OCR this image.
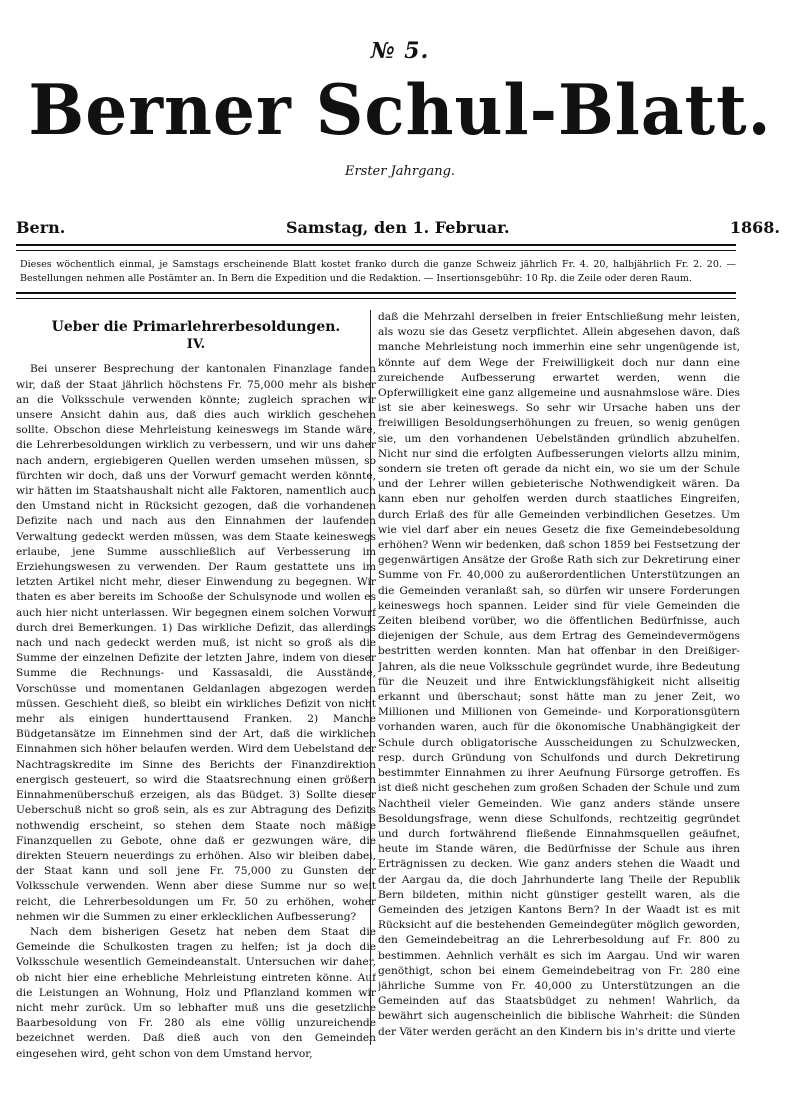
№ 5.
Berner Schul-Blatt.
Erster Jahrgang.
Bern.	Samstag, den 1. Februar.	1868.
Dieses wöchentlich einmal, je Samstags erscheinende Blatt kostet franko durch die ganze Schweiz jährlich Fr. 4. 20, halbjährlich Fr. 2. 20. — Bestellungen nehmen alle Postämter an. In Bern die Expedition und die Redaktion. — Insertionsgebühr: 10 Rp. die Zeile oder deren Raum.
Ueber die Primarlehrerbesoldungen.
IV.

Bei unserer Besprechung der kantonalen Finanzlage fanden wir, daß der Staat jährlich höchstens Fr. 75,000 mehr als bisher an die Volksschule verwenden könnte; zugleich sprachen wir unsere Ansicht dahin aus, daß dies auch wirklich geschehen sollte. Obschon diese Mehrleistung keineswegs im Stande wäre, die Lehrerbesoldungen wirklich zu verbessern, und wir uns daher nach andern, ergiebigeren Quellen werden umsehen müssen, so fürchten wir doch, daß uns der Vorwurf gemacht werden könnte, wir hätten im Staatshaushalt nicht alle Faktoren, namentlich auch den Umstand nicht in Rücksicht gezogen, daß die vorhandenen Defizite nach und nach aus den Einnahmen der laufenden Verwaltung gedeckt werden müssen, was dem Staate keineswegs erlaube, jene Summe ausschließlich auf Verbesserung im Erziehungswesen zu verwenden. Der Raum gestattete uns im letzten Artikel nicht mehr, dieser Einwendung zu begegnen. Wir thaten es aber bereits im Schooße der Schulsynode und wollen es auch hier nicht unterlassen. Wir begegnen einem solchen Vorwurf durch drei Bemerkungen. 1) Das wirkliche Defizit, das allerdings nach und nach gedeckt werden muß, ist nicht so groß als die Summe der einzelnen Defizite der letzten Jahre, indem von dieser Summe die Rechnungs- und Kassasaldi, die Ausstände, Vorschüsse und momentanen Geldanlagen abgezogen werden müssen. Geschieht dieß, so bleibt ein wirkliches Defizit von nicht mehr als einigen hunderttausend Franken. 2) Manche Büdgetansätze im Einnehmen sind der Art, daß die wirklichen Einnahmen sich höher belaufen werden. Wird dem Uebelstand der Nachtragskredite im Sinne des Berichts der Finanzdirektion energisch gesteuert, so wird die Staatsrechnung einen größern Einnahmenüberschuß erzeigen, als das Büdget. 3) Sollte dieser Ueberschuß nicht so groß sein, als es zur Abtragung des Defizits nothwendig erscheint, so stehen dem Staate noch mäßige Finanzquellen zu Gebote, ohne daß er gezwungen wäre, die direkten Steuern neuerdings zu erhöhen. Also wir bleiben dabei, der Staat kann und soll jene Fr. 75,000 zu Gunsten der Volksschule verwenden. Wenn aber diese Summe nur so weit reicht, die Lehrerbesoldungen um Fr. 50 zu erhöhen, woher nehmen wir die Summen zu einer erklecklichen Aufbesserung?

Nach dem bisherigen Gesetz hat neben dem Staat die Gemeinde die Schulkosten tragen zu helfen; ist ja doch die Volksschule wesentlich Gemeindeanstalt. Untersuchen wir daher, ob nicht hier eine erhebliche Mehrleistung eintreten könne. Auf die Leistungen an Wohnung, Holz und Pflanzland kommen wir nicht mehr zurück. Um so lebhafter muß uns die gesetzliche Baarbesoldung von Fr. 280 als eine völlig unzureichende bezeichnet werden. Daß dieß auch von den Gemeinden eingesehen wird, geht schon von dem Umstand hervor,

daß die Mehrzahl derselben in freier Entschließung mehr leisten, als wozu sie das Gesetz verpflichtet. Allein abgesehen davon, daß manche Mehrleistung noch immerhin eine sehr ungenügende ist, könnte auf dem Wege der Freiwilligkeit doch nur dann eine zureichende Aufbesserung erwartet werden, wenn die Opferwilligkeit eine ganz allgemeine und ausnahmslose wäre. Dies ist sie aber keineswegs. So sehr wir Ursache haben uns der freiwilligen Besoldungserhöhungen zu freuen, so wenig genügen sie, um den vorhandenen Uebelständen gründlich abzuhelfen. Nicht nur sind die erfolgten Aufbesserungen vielorts allzu minim, sondern sie treten oft gerade da nicht ein, wo sie um der Schule und der Lehrer willen gebieterische Nothwendigkeit wären. Da kann eben nur geholfen werden durch staatliches Eingreifen, durch Erlaß des für alle Gemeinden verbindlichen Gesetzes. Um wie viel darf aber ein neues Gesetz die fixe Gemeindebesoldung erhöhen? Wenn wir bedenken, daß schon 1859 bei Festsetzung der gegenwärtigen Ansätze der Große Rath sich zur Dekretirung einer Summe von Fr. 40,000 zu außerordentlichen Unterstützungen an die Gemeinden veranlaßt sah, so dürfen wir unsere Forderungen keineswegs hoch spannen. Leider sind für viele Gemeinden die Zeiten bleibend vorüber, wo die öffentlichen Bedürfnisse, auch diejenigen der Schule, aus dem Ertrag des Gemeindevermögens bestritten werden konnten. Man hat offenbar in den Dreißiger-Jahren, als die neue Volksschule gegründet wurde, ihre Bedeutung für die Neuzeit und ihre Entwicklungsfähigkeit nicht allseitig erkannt und überschaut; sonst hätte man zu jener Zeit, wo Millionen und Millionen von Gemeinde- und Korporationsgütern vorhanden waren, auch für die ökonomische Unabhängigkeit der Schule durch obligatorische Ausscheidungen zu Schulzwecken, resp. durch Gründung von Schulfonds und durch Dekretirung bestimmter Einnahmen zu ihrer Aeufnung Fürsorge getroffen. Es ist dieß nicht geschehen zum großen Schaden der Schule und zum Nachtheil vieler Gemeinden. Wie ganz anders stände unsere Besoldungsfrage, wenn diese Schulfonds, rechtzeitig gegründet und durch fortwährend fließende Einnahmsquellen geäufnet, heute im Stande wären, die Bedürfnisse der Schule aus ihren Erträgnissen zu decken. Wie ganz anders stehen die Waadt und der Aargau da, die doch Jahrhunderte lang Theile der Republik Bern bildeten, mithin nicht günstiger gestellt waren, als die Gemeinden des jetzigen Kantons Bern? In der Waadt ist es mit Rücksicht auf die bestehenden Gemeindegüter möglich geworden, den Gemeindebeitrag an die Lehrerbesoldung auf Fr. 800 zu bestimmen. Aehnlich verhält es sich im Aargau. Und wir waren genöthigt, schon bei einem Gemeindebeitrag von Fr. 280 eine jährliche Summe von Fr. 40,000 zu Unterstützungen an die Gemeinden auf das Staatsbüdget zu nehmen! Wahrlich, da bewährt sich augenscheinlich die biblische Wahrheit: die Sünden der Väter werden gerächt an den Kindern bis in's dritte und vierte
